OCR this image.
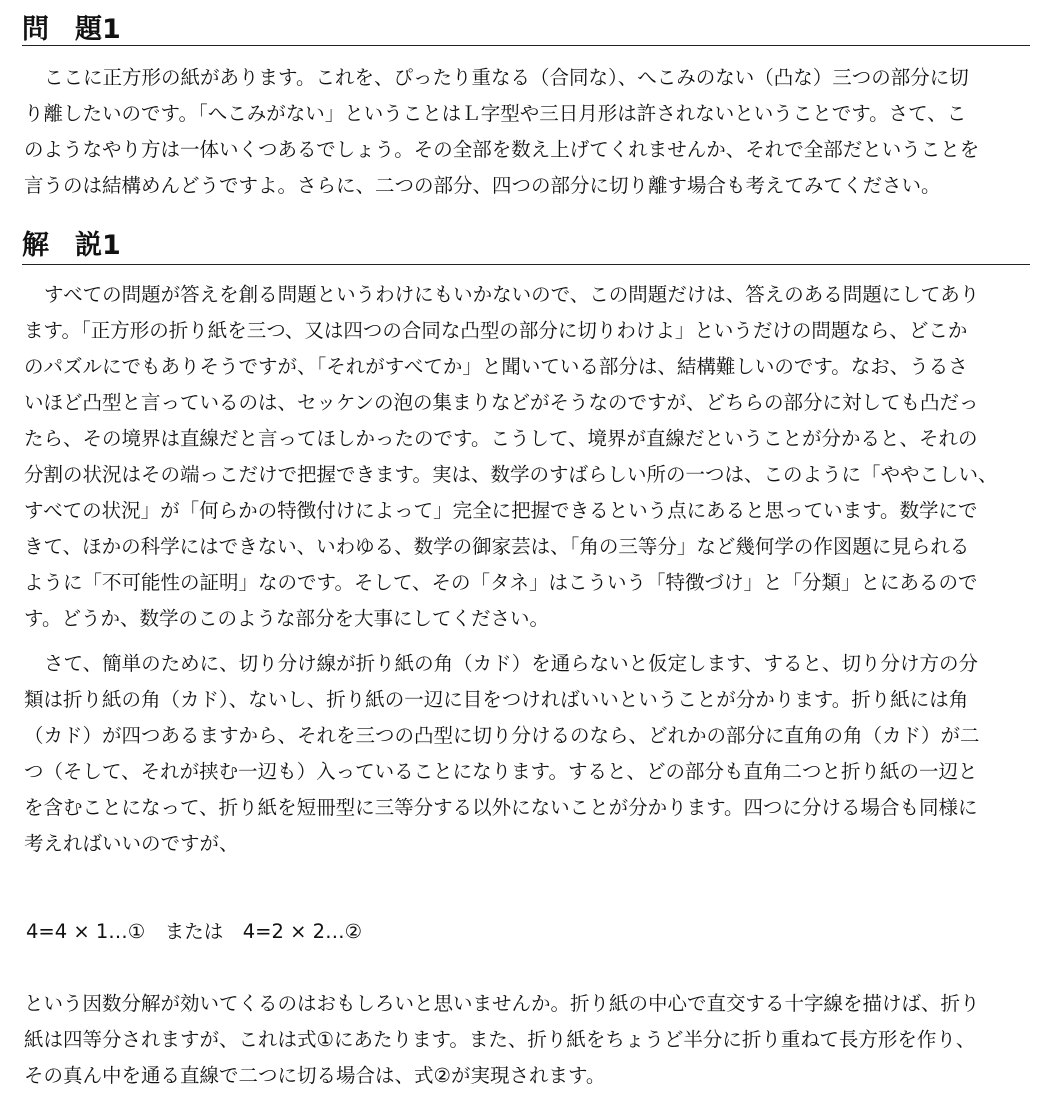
問 題1
ここに正方形の紙があります。これを、ぴったり重なる（合同な）、へこみのない（凸な）三つの部分に切
り離したいのです。「へこみがない」ということはＬ字型や三日月形は許されないということです。さて、こ
のようなやり方は一体いくつあるでしょう。その全部を数え上げてくれませんか、それで全部だということを
言うのは結構めんどうですよ。さらに、二つの部分、四つの部分に切り離す場合も考えてみてください。
解 説1
すべての問題が答えを創る問題というわけにもいかないので、この問題だけは、答えのある問題にしてあり
ます。「正方形の折り紙を三つ、又は四つの合同な凸型の部分に切りわけよ」というだけの問題なら、どこか
のパズルにでもありそうですが、「それがすべてか」と聞いている部分は、結構難しいのです。なお、うるさ
いほど凸型と言っているのは、セッケンの泡の集まりなどがそうなのですが、どちらの部分に対しても凸だっ
たら、その境界は直線だと言ってほしかったのです。こうして、境界が直線だということが分かると、それの
分割の状況はその端っこだけで把握できます。実は、数学のすばらしい所の一つは、このように「ややこしい、
すべての状況」が「何らかの特徴付けによって」完全に把握できるという点にあると思っています。数学にで
きて、ほかの科学にはできない、いわゆる、数学の御家芸は、「角の三等分」など幾何学の作図題に見られる
ように「不可能性の証明」なのです。そして、その「タネ」はこういう「特徴づけ」と「分類」とにあるので
す。どうか、数学のこのような部分を大事にしてください。
さて、簡単のために、切り分け線が折り紙の角（カド）を通らないと仮定します、すると、切り分け方の分
類は折り紙の角（カド）、ないし、折り紙の一辺に目をつければいいということが分かります。折り紙には角
（カド）が四つあるますから、それを三つの凸型に切り分けるのなら、どれかの部分に直角の角（カド）が二
つ（そして、それが挟む一辺も）入っていることになります。すると、どの部分も直角二つと折り紙の一辺と
を含むことになって、折り紙を短冊型に三等分する以外にないことが分かります。四つに分ける場合も同様に
考えればいいのですが、
4=4 × 1…①　または　4=2 × 2…②
という因数分解が効いてくるのはおもしろいと思いませんか。折り紙の中心で直交する十字線を描けば、折り
紙は四等分されますが、これは式①にあたります。また、折り紙をちょうど半分に折り重ねて長方形を作り、
その真ん中を通る直線で二つに切る場合は、式②が実現されます。
